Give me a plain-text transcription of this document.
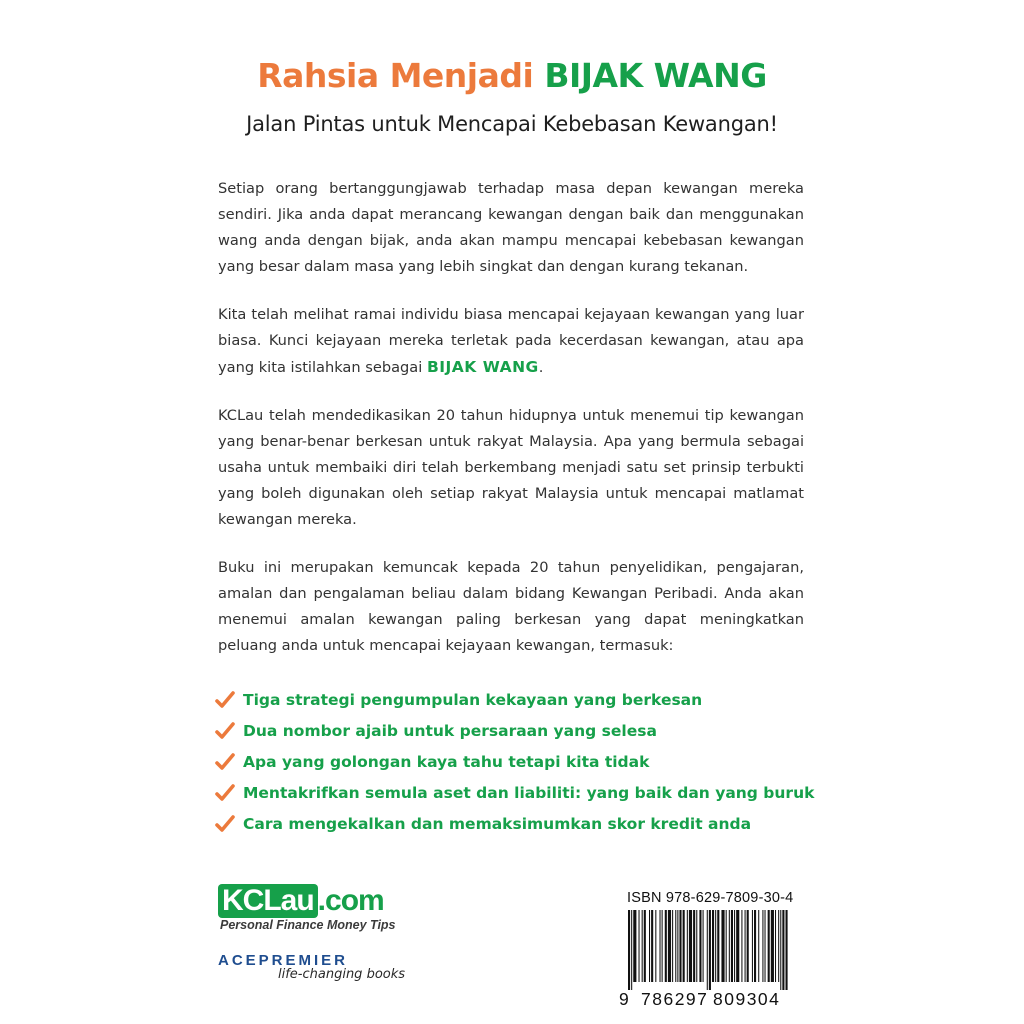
Rahsia Menjadi BIJAK WANG
Jalan Pintas untuk Mencapai Kebebasan Kewangan!

Setiap orang bertanggungjawab terhadap masa depan kewangan mereka sendiri. Jika anda dapat merancang kewangan dengan baik dan menggunakan wang anda dengan bijak, anda akan mampu mencapai kebebasan kewangan yang besar dalam masa yang lebih singkat dan dengan kurang tekanan.

Kita telah melihat ramai individu biasa mencapai kejayaan kewangan yang luar biasa. Kunci kejayaan mereka terletak pada kecerdasan kewangan, atau apa yang kita istilahkan sebagai BIJAK WANG.

KCLau telah mendedikasikan 20 tahun hidupnya untuk menemui tip kewangan yang benar-benar berkesan untuk rakyat Malaysia. Apa yang bermula sebagai usaha untuk membaiki diri telah berkembang menjadi satu set prinsip terbukti yang boleh digunakan oleh setiap rakyat Malaysia untuk mencapai matlamat kewangan mereka.

Buku ini merupakan kemuncak kepada 20 tahun penyelidikan, pengajaran, amalan dan pengalaman beliau dalam bidang Kewangan Peribadi. Anda akan menemui amalan kewangan paling berkesan yang dapat meningkatkan peluang anda untuk mencapai kejayaan kewangan, termasuk:

Tiga strategi pengumpulan kekayaan yang berkesan
Dua nombor ajaib untuk persaraan yang selesa
Apa yang golongan kaya tahu tetapi kita tidak
Mentakrifkan semula aset dan liabiliti: yang baik dan yang buruk
Cara mengekalkan dan memaksimumkan skor kredit anda
KCLau .com
Personal Finance Money Tips
ACEPREMIER
life-changing books
ISBN 978-629-7809-30-4
9 786297 809304
